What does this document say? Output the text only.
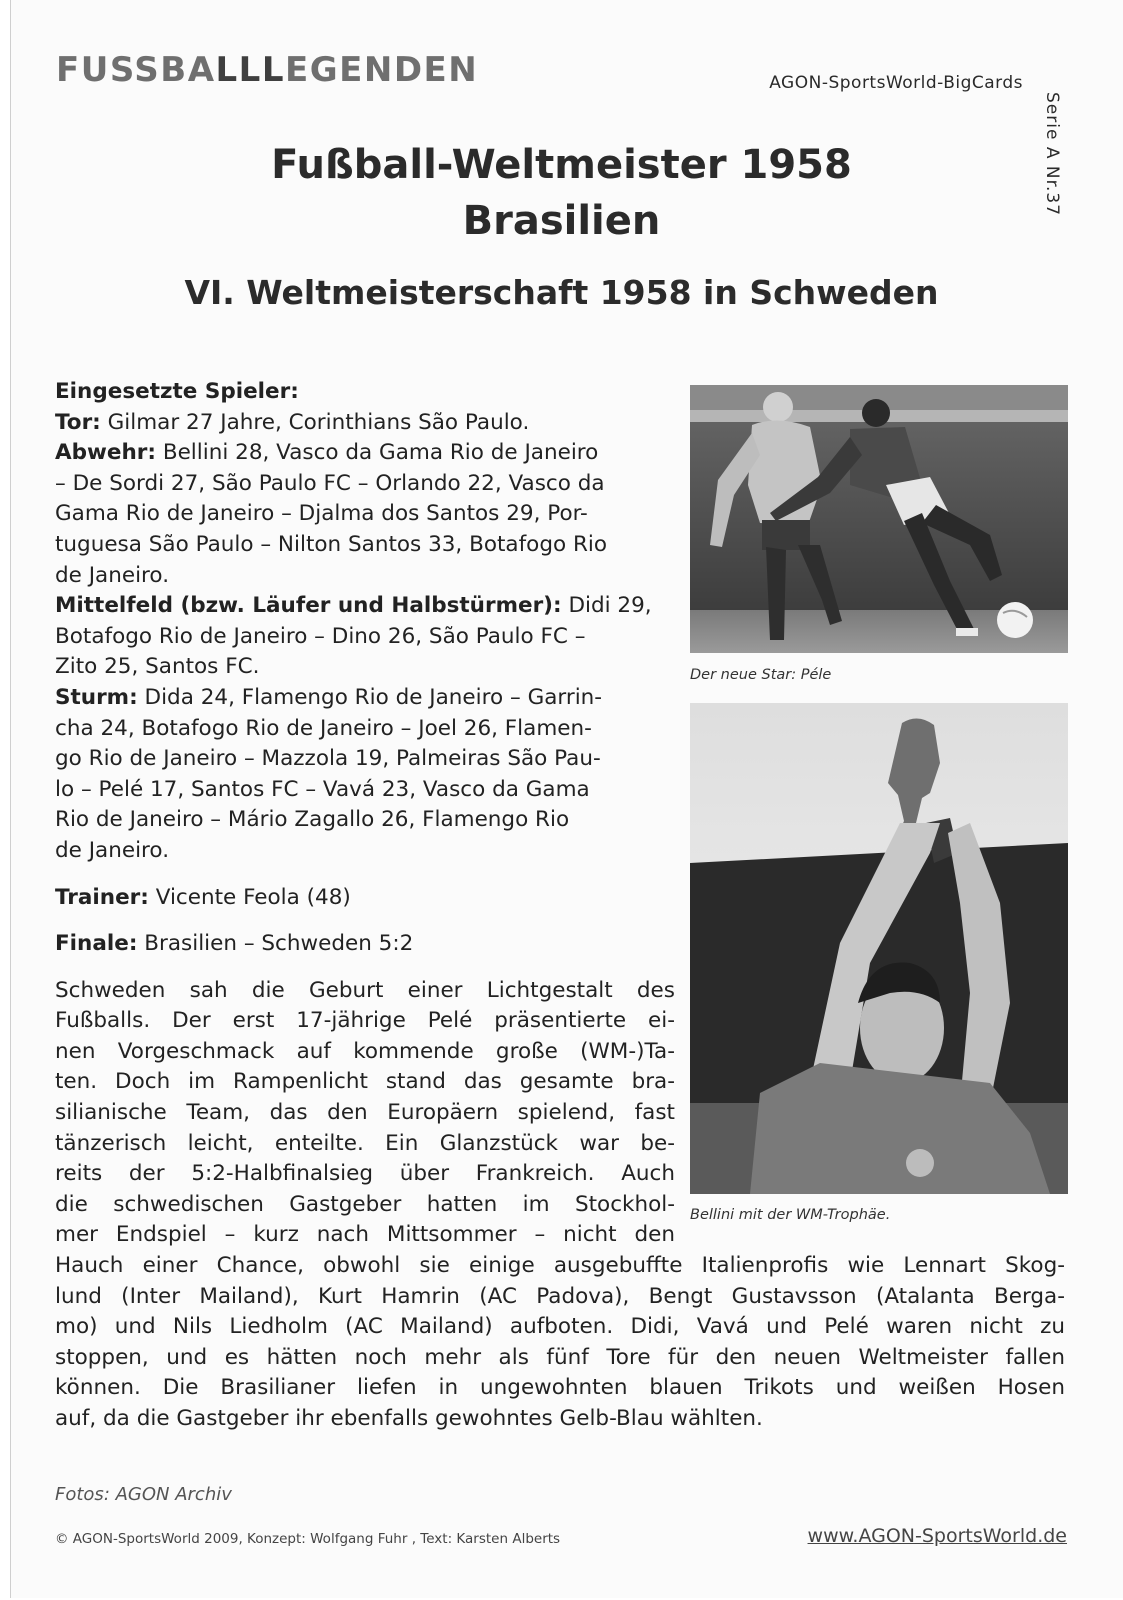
FUSSBALLLEGENDEN	AGON-SportsWorld-BigCards
Serie A Nr.37
Fußball-Weltmeister 1958
Brasilien
VI. Weltmeisterschaft 1958 in Schweden
Eingesetzte Spieler:
Tor: Gilmar 27 Jahre, Corinthians São Paulo.
Abwehr: Bellini 28, Vasco da Gama Rio de Janeiro
– De Sordi 27, São Paulo FC – Orlando 22, Vasco da
Gama Rio de Janeiro – Djalma dos Santos 29, Por-
tuguesa São Paulo – Nilton Santos 33, Botafogo Rio
de Janeiro.
Mittelfeld (bzw. Läufer und Halbstürmer): Didi 29,
Botafogo Rio de Janeiro – Dino 26, São Paulo FC –
Zito 25, Santos FC.
Sturm: Dida 24, Flamengo Rio de Janeiro – Garrin-
cha 24, Botafogo Rio de Janeiro – Joel 26, Flamen-
go Rio de Janeiro – Mazzola 19, Palmeiras São Pau-
lo – Pelé 17, Santos FC – Vavá 23, Vasco da Gama
Rio de Janeiro – Mário Zagallo 26, Flamengo Rio
de Janeiro.
Trainer: Vicente Feola (48)
Finale: Brasilien – Schweden 5:2
Schweden sah die Geburt einer Lichtgestalt des
Fußballs. Der erst 17-jährige Pelé präsentierte ei-
nen Vorgeschmack auf kommende große (WM-)Ta-
ten. Doch im Rampenlicht stand das gesamte bra-
silianische Team, das den Europäern spielend, fast
tänzerisch leicht, enteilte. Ein Glanzstück war be-
reits der 5:2-Halbfinalsieg über Frankreich. Auch
die schwedischen Gastgeber hatten im Stockhol-
mer Endspiel – kurz nach Mittsommer – nicht den
Hauch einer Chance, obwohl sie einige ausgebuffte Italienprofis wie Lennart Skog-
lund (Inter Mailand), Kurt Hamrin (AC Padova), Bengt Gustavsson (Atalanta Berga-
mo) und Nils Liedholm (AC Mailand) aufboten. Didi, Vavá und Pelé waren nicht zu
stoppen, und es hätten noch mehr als fünf Tore für den neuen Weltmeister fallen
können. Die Brasilianer liefen in ungewohnten blauen Trikots und weißen Hosen
auf, da die Gastgeber ihr ebenfalls gewohntes Gelb-Blau wählten.
Der neue Star: Péle
Bellini mit der WM-Trophäe.
Fotos: AGON Archiv
© AGON-SportsWorld 2009, Konzept: Wolfgang Fuhr , Text: Karsten Alberts	www.AGON-SportsWorld.de
